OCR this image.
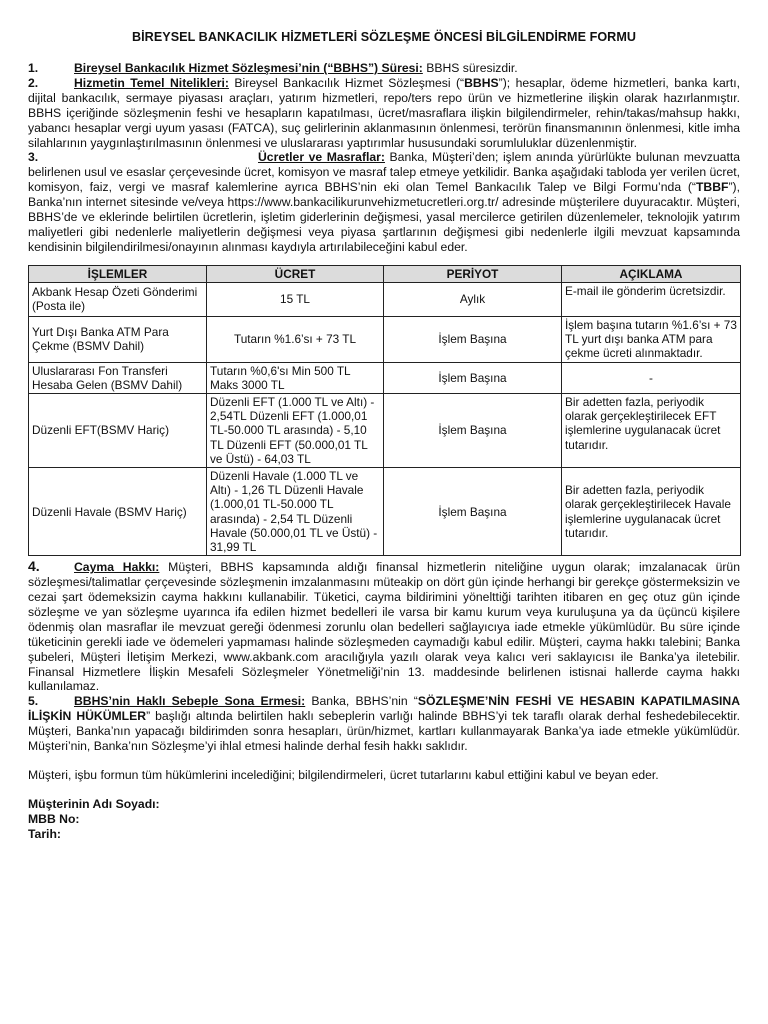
BİREYSEL BANKACILIK HİZMETLERİ SÖZLEŞME ÖNCESİ BİLGİLENDİRME FORMU

1.	Bireysel Bankacılık Hizmet Sözleşmesi’nin (“BBHS”) Süresi: BBHS süresizdir.

2.	Hizmetin Temel Nitelikleri: Bireysel Bankacılık Hizmet Sözleşmesi (“BBHS”); hesaplar, ödeme hizmetleri, banka kartı, dijital bankacılık, sermaye piyasası araçları, yatırım hizmetleri, repo/ters repo ürün ve hizmetlerine ilişkin olarak hazırlanmıştır. BBHS içeriğinde sözleşmenin feshi ve hesapların kapatılması, ücret/masraflara ilişkin bilgilendirmeler, rehin/takas/mahsup hakkı, yabancı hesaplar vergi uyum yasası (FATCA), suç gelirlerinin aklanmasının önlenmesi, terörün finansmanının önlenmesi, kitle imha silahlarının yaygınlaştırılmasının önlenmesi ve uluslararası yaptırımlar hususundaki sorumluluklar düzenlenmiştir.

3.	Ücretler ve Masraflar: Banka, Müşteri’den; işlem anında yürürlükte bulunan mevzuatta belirlenen usul ve esaslar çerçevesinde ücret, komisyon ve masraf talep etmeye yetkilidir. Banka aşağıdaki tabloda yer verilen ücret, komisyon, faiz, vergi ve masraf kalemlerine ayrıca BBHS’nin eki olan Temel Bankacılık Talep ve Bilgi Formu’nda (“TBBF”), Banka’nın internet sitesinde ve/veya https://www.bankacilikurunvehizmetucretleri.org.tr/ adresinde müşterilere duyuracaktır. Müşteri, BBHS’de ve eklerinde belirtilen ücretlerin, işletim giderlerinin değişmesi, yasal mercilerce getirilen düzenlemeler, teknolojik yatırım maliyetleri gibi nedenlerle maliyetlerin değişmesi veya piyasa şartlarının değişmesi gibi nedenlerle ilgili mevzuat kapsamında kendisinin bilgilendirilmesi/onayının alınması kaydıyla artırılabileceğini kabul eder.

İŞLEMLER	ÜCRET	PERİYOT	AÇIKLAMA
Akbank Hesap Özeti Gönderimi (Posta ile)	15 TL	Aylık	E-mail ile gönderim ücretsizdir.
Yurt Dışı Banka ATM Para Çekme (BSMV Dahil)	Tutarın %1.6’sı + 73 TL	İşlem Başına	İşlem başına tutarın %1.6’sı + 73 TL yurt dışı banka ATM para çekme ücreti alınmaktadır.
Uluslararası Fon Transferi Hesaba Gelen (BSMV Dahil)	Tutarın %0,6'sı Min 500 TL Maks 3000 TL	İşlem Başına	-
Düzenli EFT(BSMV Hariç)	Düzenli EFT (1.000 TL ve Altı) - 2,54TL Düzenli EFT (1.000,01 TL-50.000 TL arasında) - 5,10 TL Düzenli EFT (50.000,01 TL ve Üstü) - 64,03 TL	İşlem Başına	Bir adetten fazla, periyodik olarak gerçekleştirilecek EFT işlemlerine uygulanacak ücret tutarıdır.
Düzenli Havale (BSMV Hariç)	Düzenli Havale (1.000 TL ve Altı) - 1,26 TL Düzenli Havale (1.000,01 TL-50.000 TL arasında) - 2,54 TL Düzenli Havale (50.000,01 TL ve Üstü) - 31,99 TL	İşlem Başına	Bir adetten fazla, periyodik olarak gerçekleştirilecek Havale işlemlerine uygulanacak ücret tutarıdır.

4.	Cayma Hakkı: Müşteri, BBHS kapsamında aldığı finansal hizmetlerin niteliğine uygun olarak; imzalanacak ürün sözleşmesi/talimatlar çerçevesinde sözleşmenin imzalanmasını müteakip on dört gün içinde herhangi bir gerekçe göstermeksizin ve cezai şart ödemeksizin cayma hakkını kullanabilir. Tüketici, cayma bildirimini yönelttiği tarihten itibaren en geç otuz gün içinde sözleşme ve yan sözleşme uyarınca ifa edilen hizmet bedelleri ile varsa bir kamu kurum veya kuruluşuna ya da üçüncü kişilere ödenmiş olan masraflar ile mevzuat gereği ödenmesi zorunlu olan bedelleri sağlayıcıya iade etmekle yükümlüdür. Bu süre içinde tüketicinin gerekli iade ve ödemeleri yapmaması halinde sözleşmeden caymadığı kabul edilir. Müşteri, cayma hakkı talebini; Banka şubeleri, Müşteri İletişim Merkezi, www.akbank.com aracılığıyla yazılı olarak veya kalıcı veri saklayıcısı ile Banka’ya iletebilir. Finansal Hizmetlere İlişkin Mesafeli Sözleşmeler Yönetmeliği’nin 13. maddesinde belirlenen istisnai hallerde cayma hakkı kullanılamaz.

5.	BBHS’nin Haklı Sebeple Sona Ermesi: Banka, BBHS’nin “SÖZLEŞME’NİN FESHİ VE HESABIN KAPATILMASINA İLİŞKİN HÜKÜMLER” başlığı altında belirtilen haklı sebeplerin varlığı halinde BBHS’yi tek taraflı olarak derhal feshedebilecektir. Müşteri, Banka’nın yapacağı bildirimden sonra hesapları, ürün/hizmet, kartları kullanmayarak Banka’ya iade etmekle yükümlüdür. Müşteri’nin, Banka’nın Sözleşme’yi ihlal etmesi halinde derhal fesih hakkı saklıdır.

Müşteri, işbu formun tüm hükümlerini incelediğini; bilgilendirmeleri, ücret tutarlarını kabul ettiğini kabul ve beyan eder.

Müşterinin Adı Soyadı:

MBB No:

Tarih:
